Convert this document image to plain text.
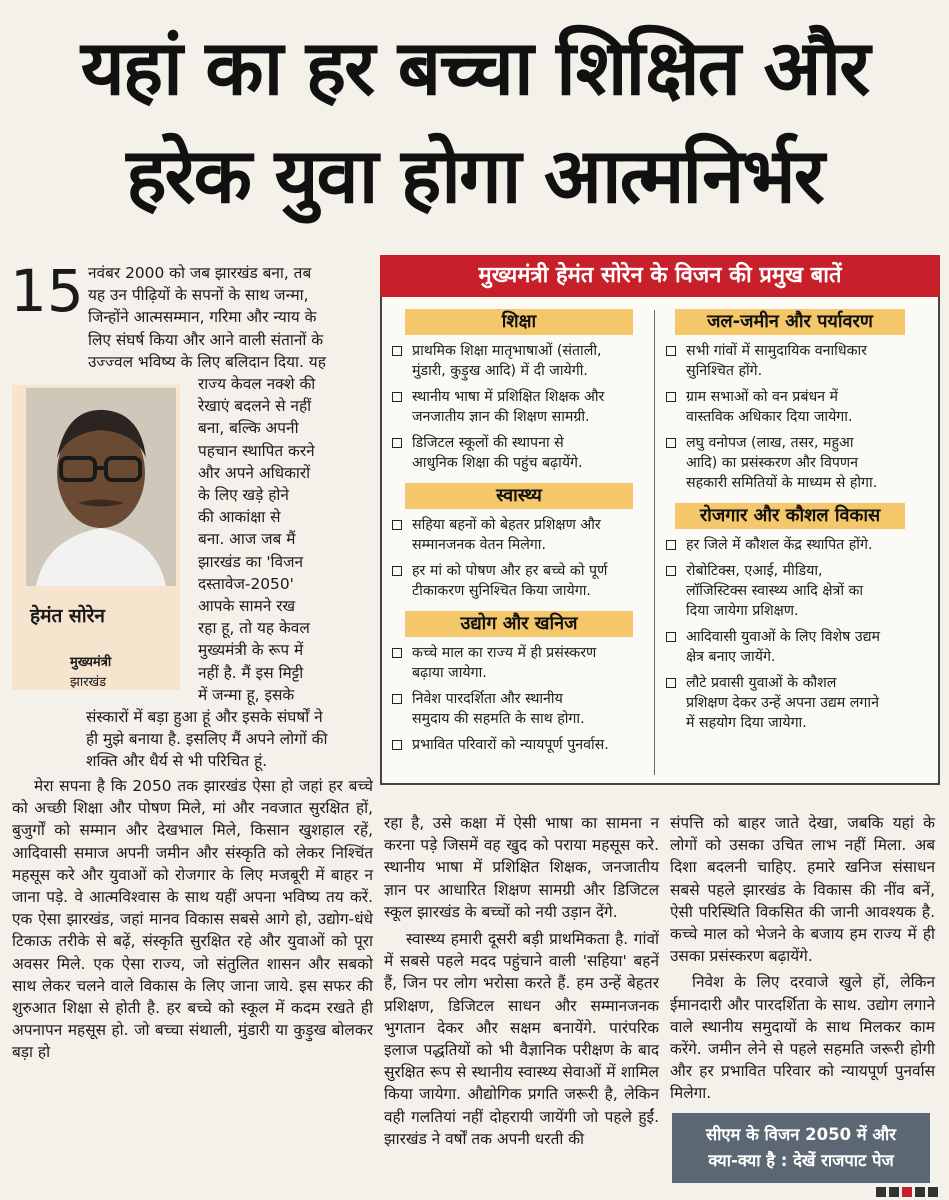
यहां का हर बच्चा शिक्षित और
हरेक युवा होगा आत्मनिर्भर
15 नवंबर 2000 को जब झारखंड बना, तब
यह उन पीढ़ियों के सपनों के साथ जन्मा,
जिन्होंने आत्मसम्मान, गरिमा और न्याय के
लिए संघर्ष किया और आने वाली संतानों के
उज्ज्वल भविष्य के लिए बलिदान दिया. यह
राज्य केवल नक्शे की
रेखाएं बदलने से नहीं
बना, बल्कि अपनी
पहचान स्थापित करने
और अपने अधिकारों
के लिए खड़े होने
की आकांक्षा से
बना. आज जब मैं
झारखंड का 'विजन
दस्तावेज-2050'
आपके सामने रख
रहा हू, तो यह केवल
मुख्यमंत्री के रूप में
नहीं है. मैं इस मिट्टी
में जन्मा हू, इसके
संस्कारों में बड़ा हुआ हूं और इसके संघर्षों ने
ही मुझे बनाया है. इसलिए मैं अपने लोगों की
शक्ति और धैर्य से भी परिचित हूं.

मेरा सपना है कि 2050 तक झारखंड ऐसा हो जहां हर बच्चे को अच्छी शिक्षा और पोषण मिले, मां और नवजात सुरक्षित हों, बुजुर्गों को सम्मान और देखभाल मिले, किसान खुशहाल रहें, आदिवासी समाज अपनी जमीन और संस्कृति को लेकर निश्चिंत महसूस करे और युवाओं को रोजगार के लिए मजबूरी में बाहर न जाना पड़े. वे आत्मविश्वास के साथ यहीं अपना भविष्य तय करें. एक ऐसा झारखंड, जहां मानव विकास सबसे आगे हो, उद्योग-धंधे टिकाऊ तरीके से बढ़ें, संस्कृति सुरक्षित रहे और युवाओं को पूरा अवसर मिले. एक ऐसा राज्य, जो संतुलित शासन और सबको साथ लेकर चलने वाले विकास के लिए जाना जाये. इस सफर की शुरुआत शिक्षा से होती है. हर बच्चे को स्कूल में कदम रखते ही अपनापन महसूस हो. जो बच्चा संथाली, मुंडारी या कुड़ुख बोलकर बड़ा हो

हेमंत सोरेन
मुख्यमंत्री
झारखंड
मुख्यमंत्री हेमंत सोरेन के विजन की प्रमुख बातें
शिक्षा
प्राथमिक शिक्षा मातृभाषाओं (संताली,
मुंडारी, कुड़ुख आदि) में दी जायेगी.
स्थानीय भाषा में प्रशिक्षित शिक्षक और
जनजातीय ज्ञान की शिक्षण सामग्री.
डिजिटल स्कूलों की स्थापना से
आधुनिक शिक्षा की पहुंच बढ़ायेंगे.
स्वास्थ्य
सहिया बहनों को बेहतर प्रशिक्षण और
सम्मानजनक वेतन मिलेगा.
हर मां को पोषण और हर बच्चे को पूर्ण
टीकाकरण सुनिश्चित किया जायेगा.
उद्योग और खनिज
कच्चे माल का राज्य में ही प्रसंस्करण
बढ़ाया जायेगा.
निवेश पारदर्शिता और स्थानीय
समुदाय की सहमति के साथ होगा.
प्रभावित परिवारों को न्यायपूर्ण पुनर्वास.
जल-जमीन और पर्यावरण
सभी गांवों में सामुदायिक वनाधिकार
सुनिश्चित होंगे.
ग्राम सभाओं को वन प्रबंधन में
वास्तविक अधिकार दिया जायेगा.
लघु वनोपज (लाख, तसर, महुआ
आदि) का प्रसंस्करण और विपणन
सहकारी समितियों के माध्यम से होगा.
रोजगार और कौशल विकास
हर जिले में कौशल केंद्र स्थापित होंगे.
रोबोटिक्स, एआई, मीडिया,
लॉजिस्टिक्स स्वास्थ्य आदि क्षेत्रों का
दिया जायेगा प्रशिक्षण.
आदिवासी युवाओं के लिए विशेष उद्यम
क्षेत्र बनाए जायेंगे.
लौटे प्रवासी युवाओं के कौशल
प्रशिक्षण देकर उन्हें अपना उद्यम लगाने
में सहयोग दिया जायेगा.

रहा है, उसे कक्षा में ऐसी भाषा का सामना न करना पड़े जिसमें वह खुद को पराया महसूस करे. स्थानीय भाषा में प्रशिक्षित शिक्षक, जनजातीय ज्ञान पर आधारित शिक्षण सामग्री और डिजिटल स्कूल झारखंड के बच्चों को नयी उड़ान देंगे.

स्वास्थ्य हमारी दूसरी बड़ी प्राथमिकता है. गांवों में सबसे पहले मदद पहुंचाने वाली 'सहिया' बहनें हैं, जिन पर लोग भरोसा करते हैं. हम उन्हें बेहतर प्रशिक्षण, डिजिटल साधन और सम्मानजनक भुगतान देकर और सक्षम बनायेंगे. पारंपरिक इलाज पद्धतियों को भी वैज्ञानिक परीक्षण के बाद सुरक्षित रूप से स्थानीय स्वास्थ्य सेवाओं में शामिल किया जायेगा. औद्योगिक प्रगति जरूरी है, लेकिन वही गलतियां नहीं दोहरायी जायेंगी जो पहले हुईं. झारखंड ने वर्षों तक अपनी धरती की

संपत्ति को बाहर जाते देखा, जबकि यहां के लोगों को उसका उचित लाभ नहीं मिला. अब दिशा बदलनी चाहिए. हमारे खनिज संसाधन सबसे पहले झारखंड के विकास की नींव बनें, ऐसी परिस्थिति विकसित की जानी आवश्यक है. कच्चे माल को भेजने के बजाय हम राज्य में ही उसका प्रसंस्करण बढ़ायेंगे.

निवेश के लिए दरवाजे खुले हों, लेकिन ईमानदारी और पारदर्शिता के साथ. उद्योग लगाने वाले स्थानीय समुदायों के साथ मिलकर काम करेंगे. जमीन लेने से पहले सहमति जरूरी होगी और हर प्रभावित परिवार को न्यायपूर्ण पुनर्वास मिलेगा.

सीएम के विजन 2050 में और
क्या-क्या है : देखें राजपाट पेज
